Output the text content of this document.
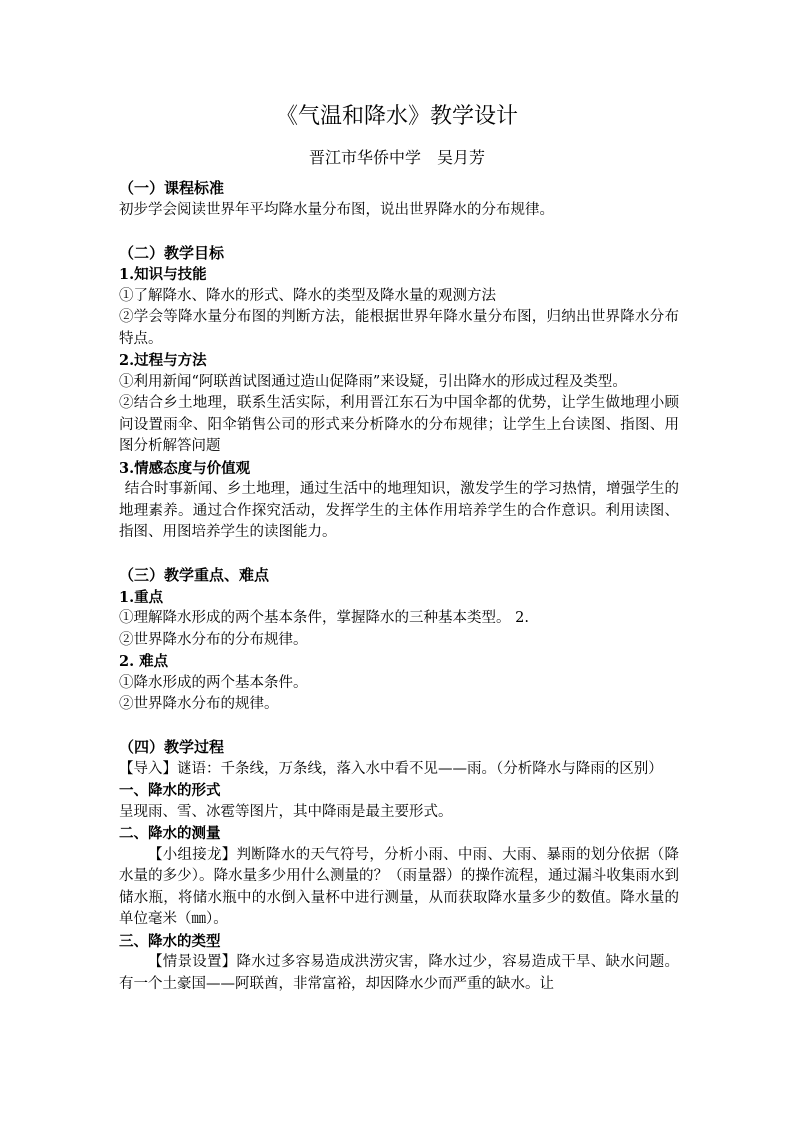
《气温和降水》教学设计
晋江市华侨中学　吴月芳

（一）课程标准

初步学会阅读世界年平均降水量分布图，说出世界降水的分布规律。

（二）教学目标

1.知识与技能

①了解降水、降水的形式、降水的类型及降水量的观测方法

②学会等降水量分布图的判断方法，能根据世界年降水量分布图，归纳出世界降水分布特点。

2.过程与方法

①利用新闻“阿联酋试图通过造山促降雨”来设疑，引出降水的形成过程及类型。

②结合乡土地理，联系生活实际，利用晋江东石为中国伞都的优势，让学生做地理小顾问设置雨伞、阳伞销售公司的形式来分析降水的分布规律；让学生上台读图、指图、用图分析解答问题

3.情感态度与价值观

结合时事新闻、乡土地理，通过生活中的地理知识，激发学生的学习热情，增强学生的地理素养。通过合作探究活动，发挥学生的主体作用培养学生的合作意识。利用读图、指图、用图培养学生的读图能力。

（三）教学重点、难点

1.重点

①理解降水形成的两个基本条件，掌握降水的三种基本类型。 2.

②世界降水分布的分布规律。

2. 难点

①降水形成的两个基本条件。

②世界降水分布的规律。

（四）教学过程

【导入】谜语：千条线，万条线，落入水中看不见——雨。（分析降水与降雨的区别）

一、降水的形式

呈现雨、雪、冰雹等图片，其中降雨是最主要形式。

二、降水的测量

【小组接龙】判断降水的天气符号，分析小雨、中雨、大雨、暴雨的划分依据（降水量的多少）。降水量多少用什么测量的？（雨量器）的操作流程，通过漏斗收集雨水到储水瓶，将储水瓶中的水倒入量杯中进行测量，从而获取降水量多少的数值。降水量的单位毫米（㎜）。

三、降水的类型

【情景设置】降水过多容易造成洪涝灾害，降水过少，容易造成干旱、缺水问题。有一个土豪国——阿联酋，非常富裕，却因降水少而严重的缺水。让
